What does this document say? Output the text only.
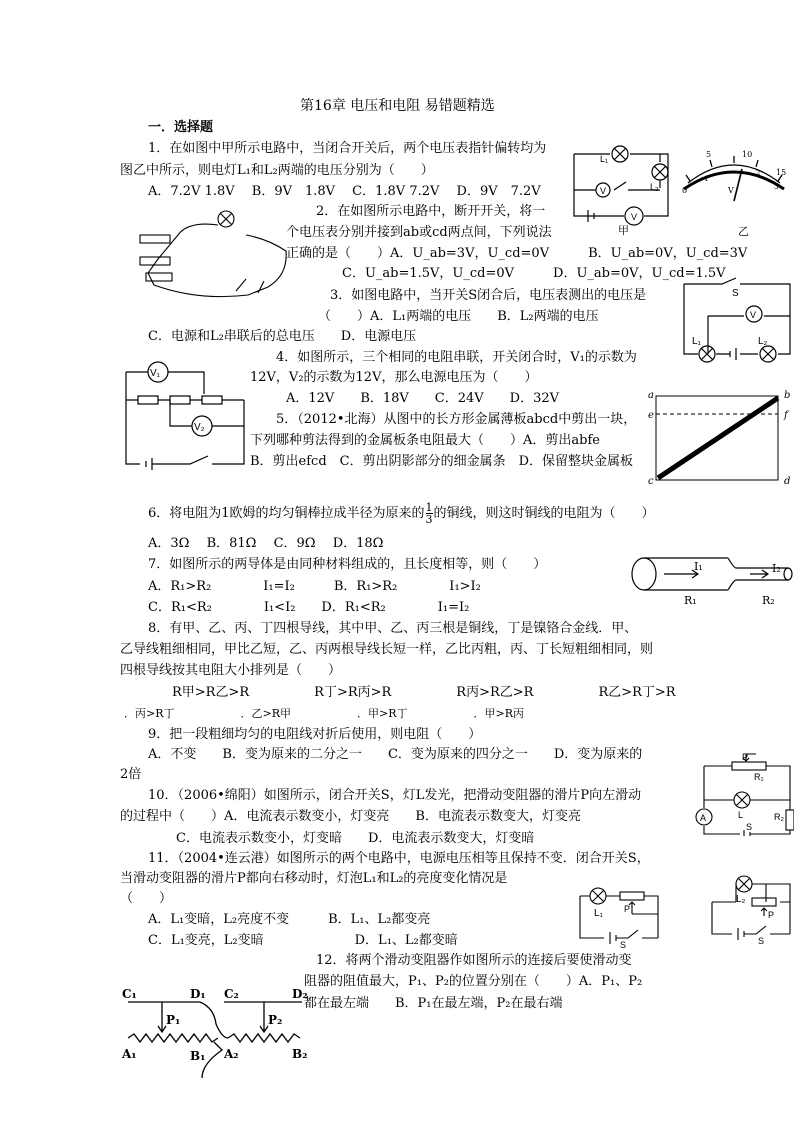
第16章 电压和电阻 易错题精选
一．选择题
1．在如图中甲所示电路中，当闭合开关后，两个电压表指针偏转均为
图乙中所示，则电灯L₁和L₂两端的电压分别为（　　）
A．7.2V 1.8V　 B．9V　1.8V　 C．1.8V 7.2V　 D．9V　7.2V
L₁
L₂
V
V
甲
0
5	10
15
1
2
3
V
乙
2．在如图所示电路中，断开开关，将一
个电压表分别并接到ab或cd两点间，下列说法
正确的是（　　）A．U_ab=3V，U_cd=0V　　　B．U_ab=0V，U_cd=3V
C．U_ab=1.5V，U_cd=0V　　　D．U_ab=0V，U_cd=1.5V
3．如图电路中，当开关S闭合后，电压表测出的电压是
（　　）A．L₁两端的电压　　B．L₂两端的电压
C．电源和L₂串联后的总电压　　D．电源电压
S
V
L₁	L₂
V₁
V₂
4．如图所示，三个相同的电阻串联，开关闭合时，V₁的示数为
12V，V₂的示数为12V，那么电源电压为（　　）
A．12V　　B．18V　　C．24V　　D．32V
5．（2012•北海）从图中的长方形金属薄板abcd中剪出一块，
下列哪种剪法得到的金属板条电阻最大（　　）A．剪出abfe
B．剪出efcd　C．剪出阴影部分的细金属条　D．保留整块金属板
a	b
c	d
e	f
6．将电阻为1欧姆的均匀铜棒拉成半径为原来的 $\frac{1}{3}$ 的铜线，则这时铜线的电阻为（　　）
A．3Ω　 B．81Ω　 C．9Ω　 D．18Ω
7．如图所示的两导体是由同种材料组成的，且长度相等，则（　　）
A．R₁>R₂　　　　I₁=I₂　　　B．R₁>R₂　　　　I₁>I₂
C．R₁<R₂　　　　I₁<I₂　　D．R₁<R₂　　　　I₁=I₂
I₁	I₂
R₁	R₂
8．有甲、乙、丙、丁四根导线，其中甲、乙、丙三根是铜线，丁是镍铬合金线．甲、
乙导线粗细相同，甲比乙短，乙、丙两根导线长短一样，乙比丙粗，丙、丁长短粗细相同，则
四根导线按其电阻大小排列是（　　）
R甲>R乙>R　　　　　R丁>R丙>R　　　　　R丙>R乙>R　　　　　R乙>R丁>R
．丙>R丁　　　　　　．乙>R甲　　　　　　．甲>R丁　　　　　　．甲>R丙
9．把一段粗细均匀的电阻线对折后使用，则电阻（　　）
A．不变　　B．变为原来的二分之一　　C．变为原来的四分之一　　D．变为原来的
2倍
10．（2006•绵阳）如图所示，闭合开关S，灯L发光，把滑动变阻器的滑片P向左滑动
的过程中（　　）A．电流表示数变小，灯变亮　　B．电流表示数变大，灯变亮
C．电流表示数变小，灯变暗　　D．电流表示数变大，灯变暗
P
R₁
A	L	R₂
S
11．（2004•连云港）如图所示的两个电路中，电源电压相等且保持不变．闭合开关S，
当滑动变阻器的滑片P都向右移动时，灯泡L₁和L₂的亮度变化情况是
（　　）
A．L₁变暗，L₂亮度不变　　　B．L₁、L₂都变亮
C．L₁变亮，L₂变暗　　　　　　　D．L₁、L₂都变暗
L₁ P
S
L₂
P
S
12．将两个滑动变阻器作如图所示的连接后要使滑动变
阻器的阻值最大，P₁、P₂的位置分别在（　　）A．P₁、P₂
都在最左端　　B．P₁在最左端，P₂在最右端
C₁	D₁ C₂	D₂
P₁	P₂
A₁	B₁ A₂	B₂
